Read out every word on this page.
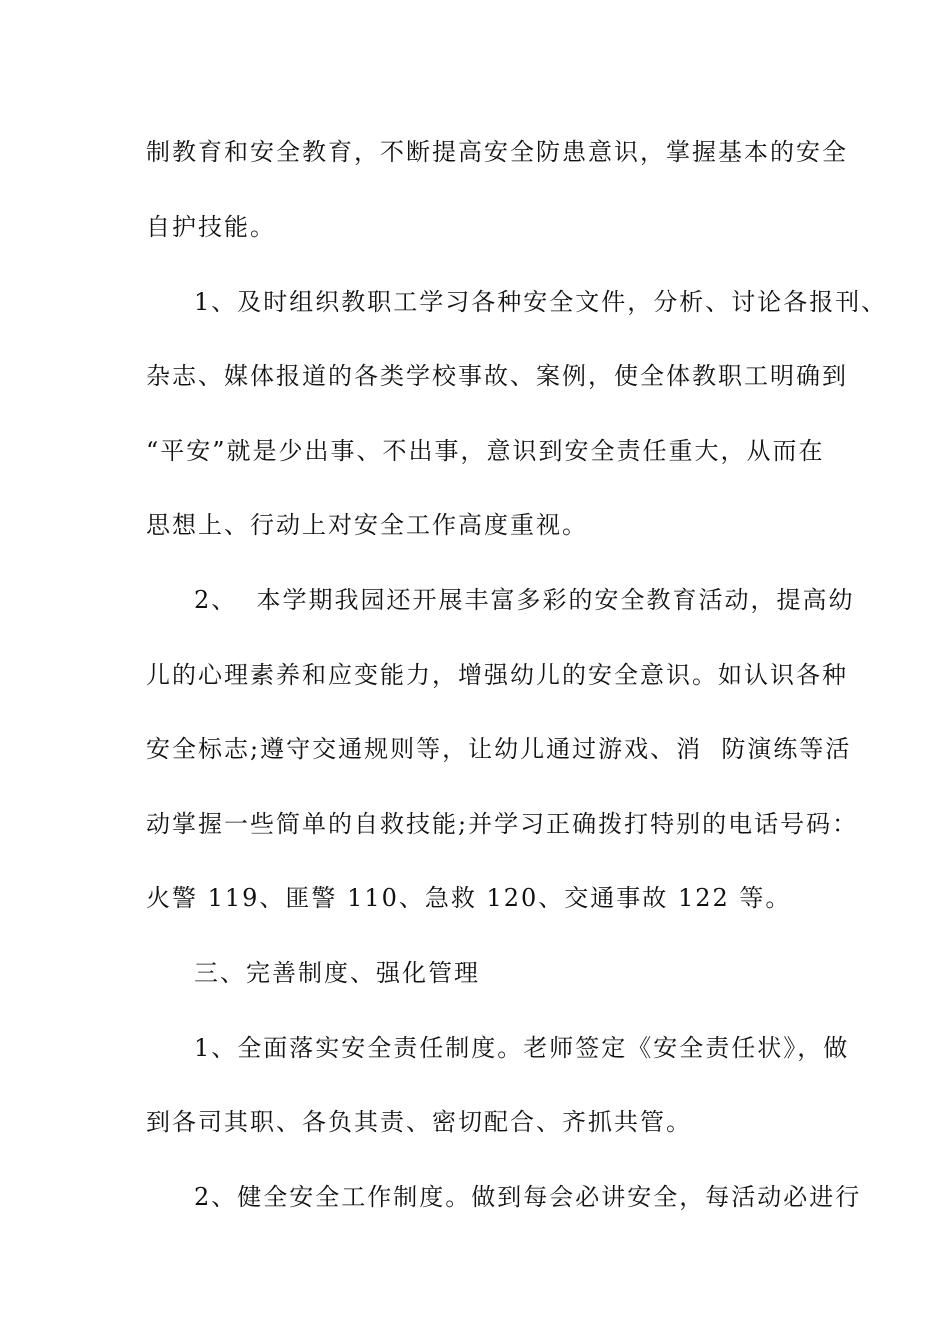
制教育和安全教育，不断提高安全防患意识，掌握基本的安全
自护技能。
1、及时组织教职工学习各种安全文件，分析、讨论各报刊、
杂志、媒体报道的各类学校事故、案例，使全体教职工明确到
“平安”就是少出事、不出事，意识到安全责任重大，从而在
思想上、行动上对安全工作高度重视。
2、  本学期我园还开展丰富多彩的安全教育活动，提高幼
儿的心理素养和应变能力，增强幼儿的安全意识。如认识各种
安全标志;遵守交通规则等，让幼儿通过游戏、消  防演练等活
动掌握一些简单的自救技能;并学习正确拨打特别的电话号码：
火警 119、匪警 110、急救 120、交通事故 122 等。
三、完善制度、强化管理
1、全面落实安全责任制度。老师签定《安全责任状》，做
到各司其职、各负其责、密切配合、齐抓共管。
2、健全安全工作制度。做到每会必讲安全，每活动必进行
